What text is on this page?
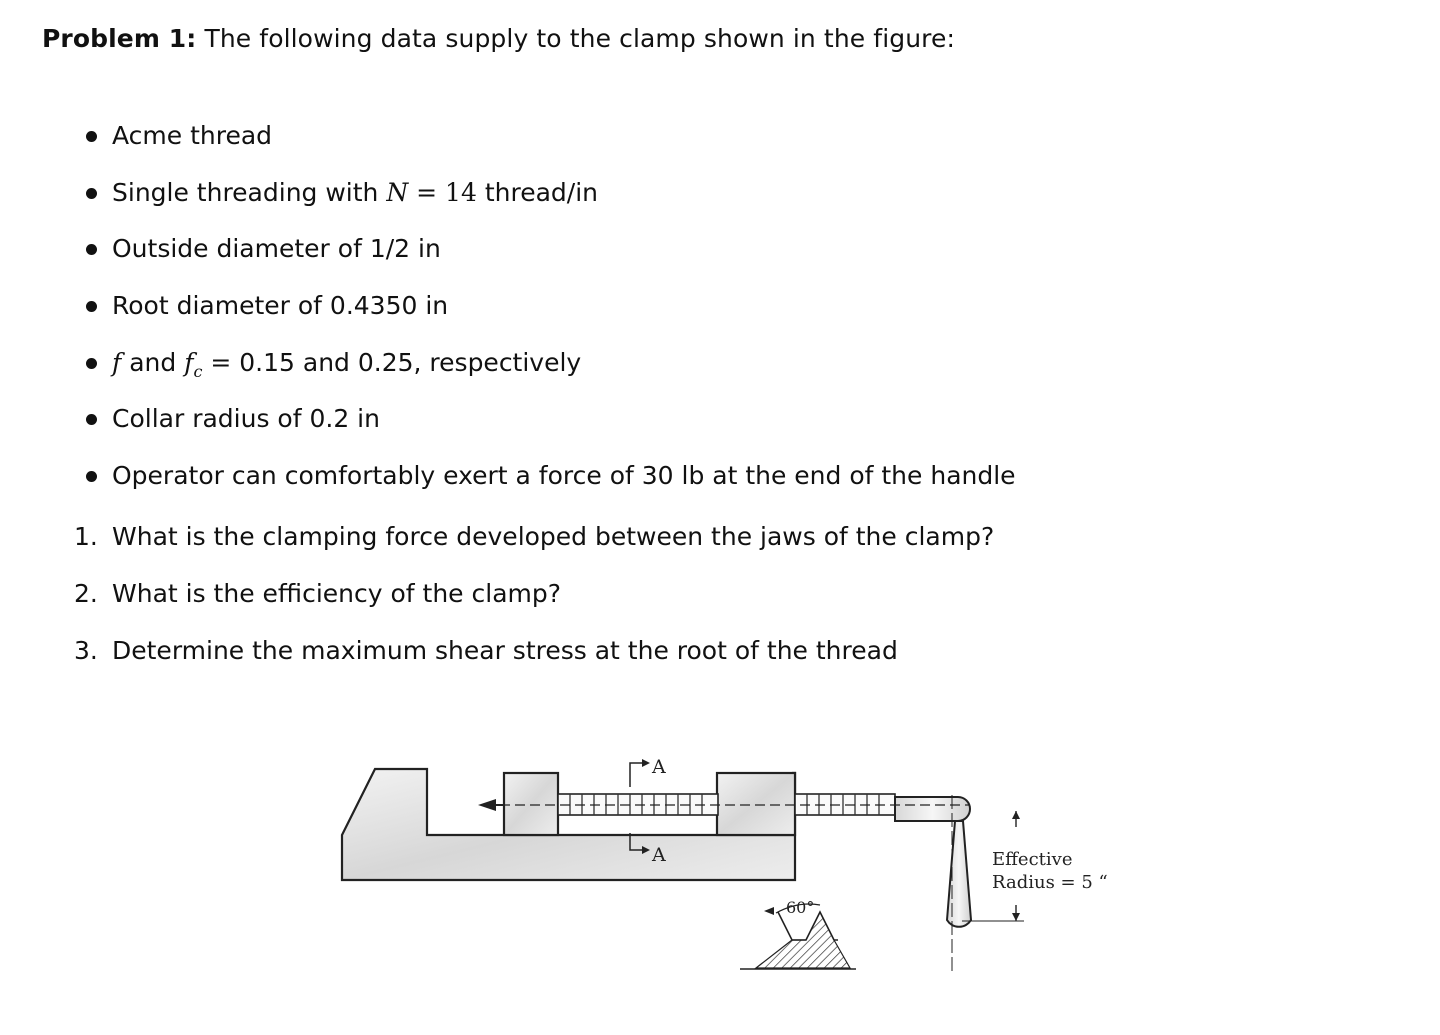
Problem 1: The following data supply to the clamp shown in the figure:
Acme thread
Single threading with N = 14 thread/in
Outside diameter of 1/2 in
Root diameter of 0.4350 in
f and $f_c = 0.15$ and 0.25, respectively
Collar radius of 0.2 in
Operator can comfortably exert a force of 30 lb at the end of the handle
1. What is the clamping force developed between the jaws of the clamp?
2. What is the efficiency of the clamp?
3. Determine the maximum shear stress at the root of the thread
A
A	Effective
Radius = 5 “
60°
